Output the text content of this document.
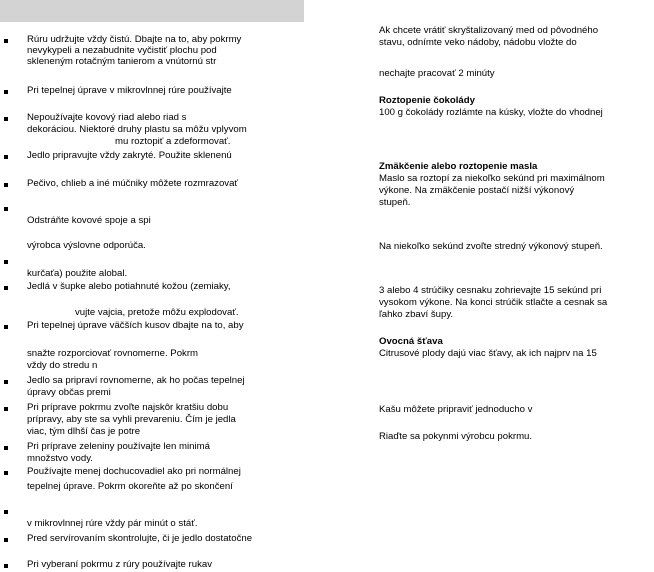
Rúru udržujte vždy čistú. Dbajte na to, aby pokrmy
nevykypeli a nezabudnite vyčistiť plochu pod
skleneným rotačným tanierom a vnútornú str
Pri tepelnej úprave v mikrovlnnej rúre používajte
Nepoužívajte kovový riad alebo riad s
dekoráciou. Niektoré druhy plastu sa môžu vplyvom
mu roztopiť a zdeformovať.
Jedlo pripravujte vždy zakryté. Použite sklenenú
Pečivo, chlieb a iné múčniky môžete rozmrazovať
Odstráňte kovové spoje a spi
výrobca výslovne odporúča.
kurčaťa) použite alobal.
Jedlá v šupke alebo potiahnuté kožou (zemiaky,
vujte vajcia, pretože môžu explodovať.
Pri tepelnej úprave väčších kusov dbajte na to, aby
snažte rozporciovať rovnomerne. Pokrm
vždy do stredu n
Jedlo sa pripraví rovnomerne, ak ho počas tepelnej
úpravy občas premi
Pri príprave pokrmu zvoľte najskôr kratšiu dobu
prípravy, aby ste sa vyhli prevareniu. Čím je jedla
viac, tým dlhší čas je potre
Pri príprave zeleniny používajte len minimá
množstvo vody.
Používajte menej dochucovadiel ako pri normálnej
tepelnej úprave. Pokrm okoreňte až po skončení
v mikrovlnnej rúre vždy pár minút o stáť.
Pred servírovaním skontrolujte, či je jedlo dostatočne
Pri vyberaní pokrmu z rúry používajte rukav
Ak chcete vrátiť skryštalizovaný med od pôvodného
stavu, odnímte veko nádoby, nádobu vložte do
nechajte pracovať 2 minúty
Roztopenie čokolády
100 g čokolády rozlámte na kúsky, vložte do vhodnej
Zmäkčenie alebo roztopenie masla
Maslo sa roztopí za niekoľko sekúnd pri maximálnom
výkone. Na zmäkčenie postačí nižší výkonový
stupeň.
Na niekoľko sekúnd zvoľte stredný výkonový stupeň.
3 alebo 4 strúčiky cesnaku zohrievajte 15 sekúnd pri
vysokom výkone. Na konci strúčik stlačte a cesnak sa
ľahko zbaví šupy.
Ovocná šťava
Citrusové plody dajú viac šťavy, ak ich najprv na 15
Kašu môžete pripraviť jednoducho v
Riaďte sa pokynmi výrobcu pokrmu.
